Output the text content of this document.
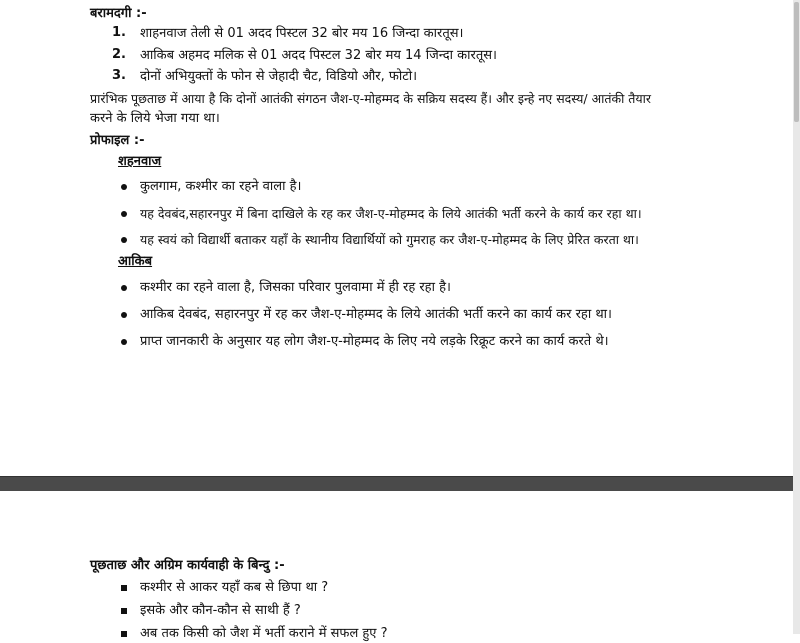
बरामदगी :-
1. शाहनवाज तेली से 01 अदद पिस्टल 32 बोर मय 16 जिन्दा कारतूस।
2. आकिब अहमद मलिक से 01 अदद पिस्टल 32 बोर मय 14 जिन्दा कारतूस।
3. दोनों अभियुक्तों के फोन से जेहादी चैट, विडियो और, फोटो।
प्रारंभिक पूछताछ में आया है कि दोनों आतंकी संगठन जैश-ए-मोहम्मद के सक्रिय सदस्य हैं। और इन्हे नए सदस्य/ आतंकी तैयार
करने के लिये भेजा गया था।
प्रोफाइल :-
शहनवाज
कुलगाम, कश्मीर का रहने वाला है।
यह देवबंद,सहारनपुर में बिना दाखिले के रह कर जैश-ए-मोहम्मद के लिये आतंकी भर्ती करने के कार्य कर रहा था।
यह स्वयं को विद्यार्थी बताकर यहाँ के स्थानीय विद्यार्थियों को गुमराह कर जैश-ए-मोहम्मद के लिए प्रेरित करता था।
आकिब
कश्मीर का रहने वाला है, जिसका परिवार पुलवामा में ही रह रहा है।
आकिब देवबंद, सहारनपुर में रह कर जैश-ए-मोहम्मद के लिये आतंकी भर्ती करने का कार्य कर रहा था।
प्राप्त जानकारी के अनुसार यह लोग जैश-ए-मोहम्मद के लिए नये लड़के रिक्रूट करने का कार्य करते थे।
पूछताछ और अग्रिम कार्यवाही के बिन्दु :-
कश्मीर से आकर यहाँ कब से छिपा था ?
इसके और कौन-कौन से साथी हैं ?
अब तक किसी को जैश में भर्ती कराने में सफल हुए ?
